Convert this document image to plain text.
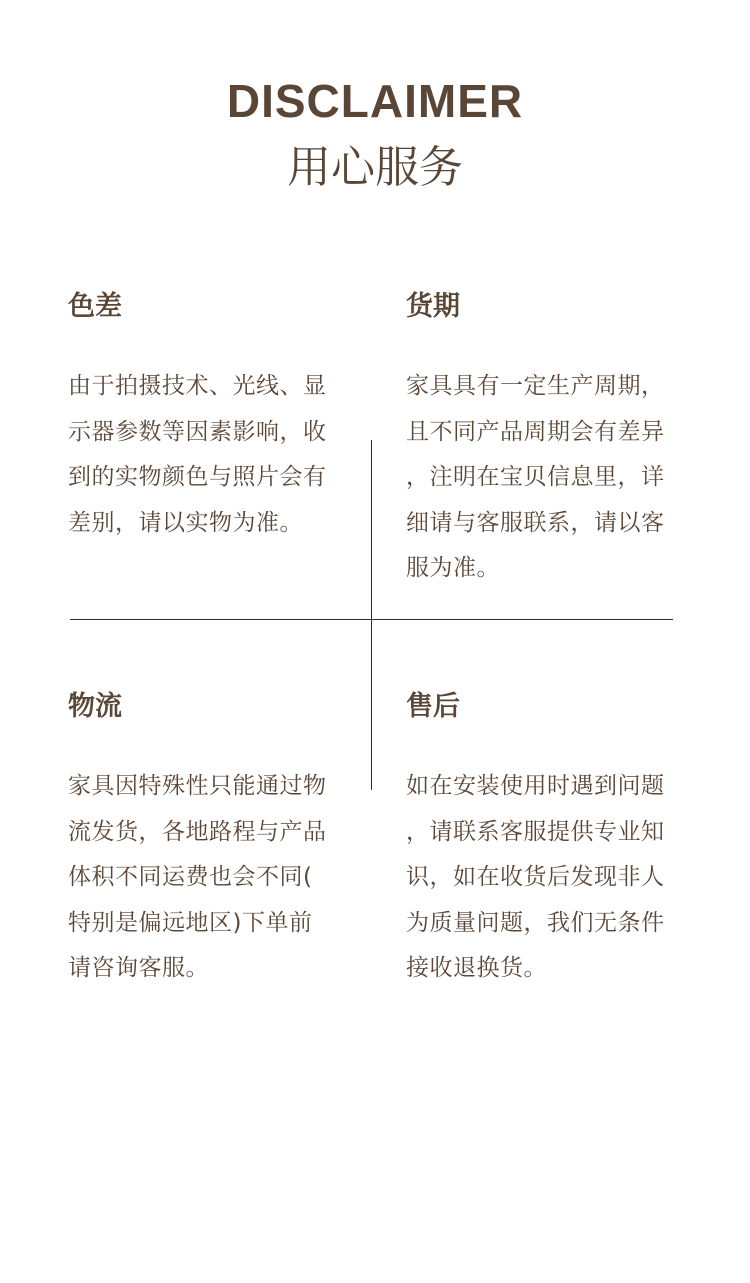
DISCLAIMER
用心服务
色差
由于拍摄技术、光线、显
示器参数等因素影响，收
到的实物颜色与照片会有
差别，请以实物为准。
货期
家具具有一定生产周期，
且不同产品周期会有差异
，注明在宝贝信息里，详
细请与客服联系，请以客
服为准。
物流
家具因特殊性只能通过物
流发货，各地路程与产品
体积不同运费也会不同(
特别是偏远地区)下单前
请咨询客服。
售后
如在安装使用时遇到问题
，请联系客服提供专业知
识，如在收货后发现非人
为质量问题，我们无条件
接收退换货。
